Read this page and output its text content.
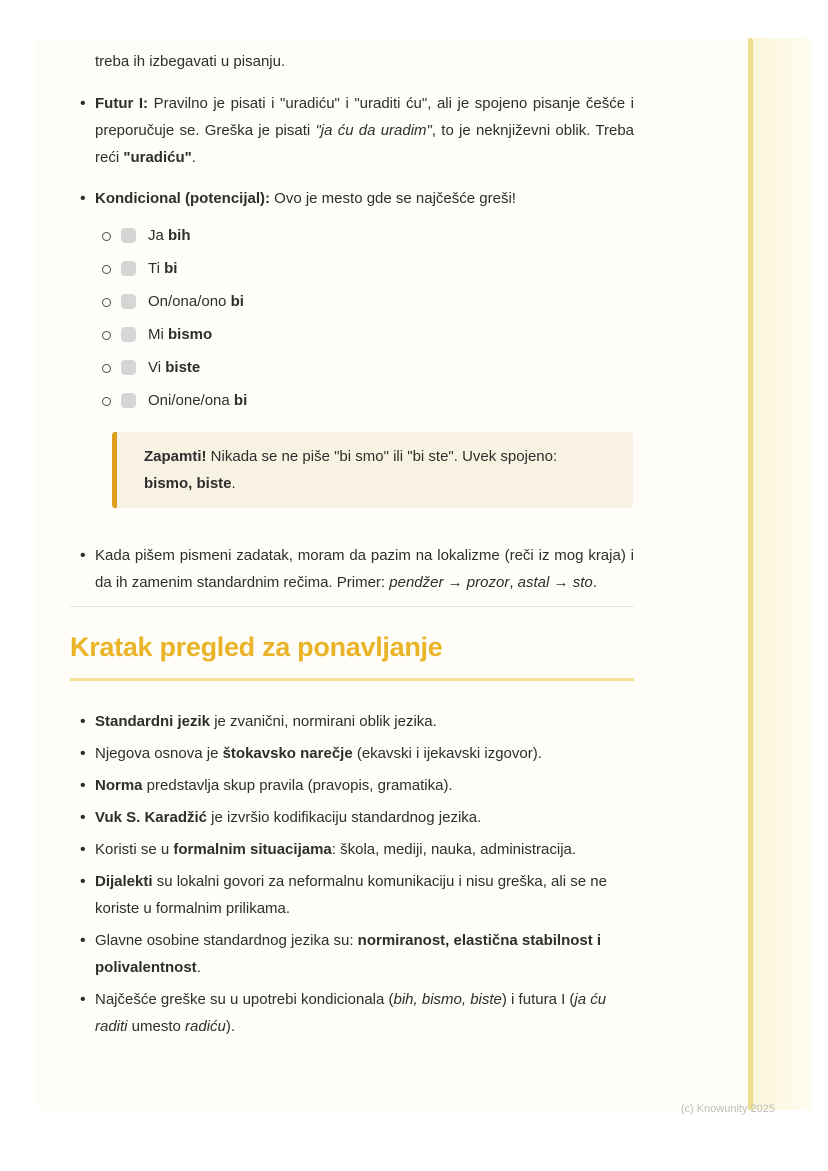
treba ih izbegavati u pisanju.

• Futur I: Pravilno je pisati i "uradiću" i "uraditi ću", ali je spojeno pisanje češće i preporučuje se. Greška je pisati "ja ću da uradim", to je neknjiževni oblik. Treba reći "uradiću".
• Kondicional (potencijal): Ovo je mesto gde se najčešće greši!
Ja bih
Ti bi
On/ona/ono bi
Mi bismo
Vi biste
Oni/one/ona bi

Zapamti! Nikada se ne piše "bi smo" ili "bi ste". Uvek spojeno: bismo, biste.

• Kada pišem pismeni zadatak, moram da pazim na lokalizme (reči iz mog kraja) i da ih zamenim standardnim rečima. Primer: pendžer → prozor, astal → sto.
Kratak pregled za ponavljanje
• Standardni jezik je zvanični, normirani oblik jezika.
• Njegova osnova je štokavsko narečje (ekavski i ijekavski izgovor).
• Norma predstavlja skup pravila (pravopis, gramatika).
• Vuk S. Karadžić je izvršio kodifikaciju standardnog jezika.
• Koristi se u formalnim situacijama: škola, mediji, nauka, administracija.
• Dijalekti su lokalni govori za neformalnu komunikaciju i nisu greška, ali se ne koriste u formalnim prilikama.
• Glavne osobine standardnog jezika su: normiranost, elastična stabilnost i polivalentnost.
• Najčešće greške su u upotrebi kondicionala (bih, bismo, biste) i futura I (ja ću raditi umesto radiću).
(c) Knowunity 2025
